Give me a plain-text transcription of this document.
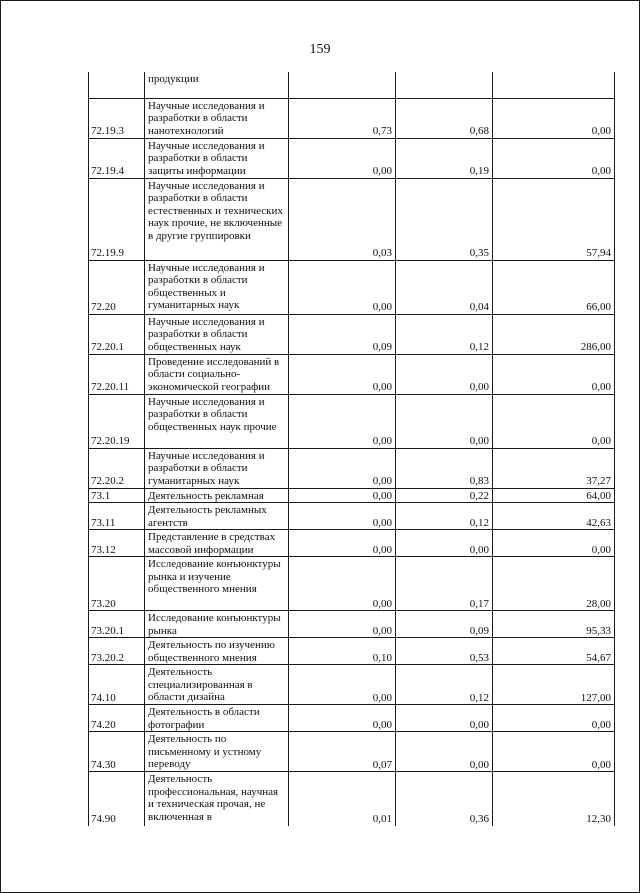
159

	продукции			

72.19.3	Научные исследования и разработки в области нанотехнологий	0,73	0,68	0,00
72.19.4	Научные исследования и разработки в области защиты информации	0,00	0,19	0,00
72.19.9	Научные исследования и разработки в области естественных и технических наук прочие, не включенные в другие группировки	0,03	0,35	57,94
72.20	Научные исследования и разработки в области общественных и гуманитарных наук	0,00	0,04	66,00
72.20.1	Научные исследования и разработки в области общественных наук	0,09	0,12	286,00
72.20.11	Проведение исследований в области социально-экономической географии	0,00	0,00	0,00
72.20.19	Научные исследования и разработки в области общественных наук прочие	0,00	0,00	0,00
72.20.2	Научные исследования и разработки в области гуманитарных наук	0,00	0,83	37,27
73.1	Деятельность рекламная	0,00	0,22	64,00
73.11	Деятельность рекламных агентств	0,00	0,12	42,63
73.12	Представление в средствах массовой информации	0,00	0,00	0,00
73.20	Исследование конъюнктуры рынка и изучение общественного мнения	0,00	0,17	28,00
73.20.1	Исследование конъюнктуры рынка	0,00	0,09	95,33
73.20.2	Деятельность по изучению общественного мнения	0,10	0,53	54,67
74.10	Деятельность специализированная в области дизайна	0,00	0,12	127,00
74.20	Деятельность в области фотографии	0,00	0,00	0,00
74.30	Деятельность по письменному и устному переводу	0,07	0,00	0,00
74.90	Деятельность профессиональная, научная и техническая прочая, не включенная в	0,01	0,36	12,30
